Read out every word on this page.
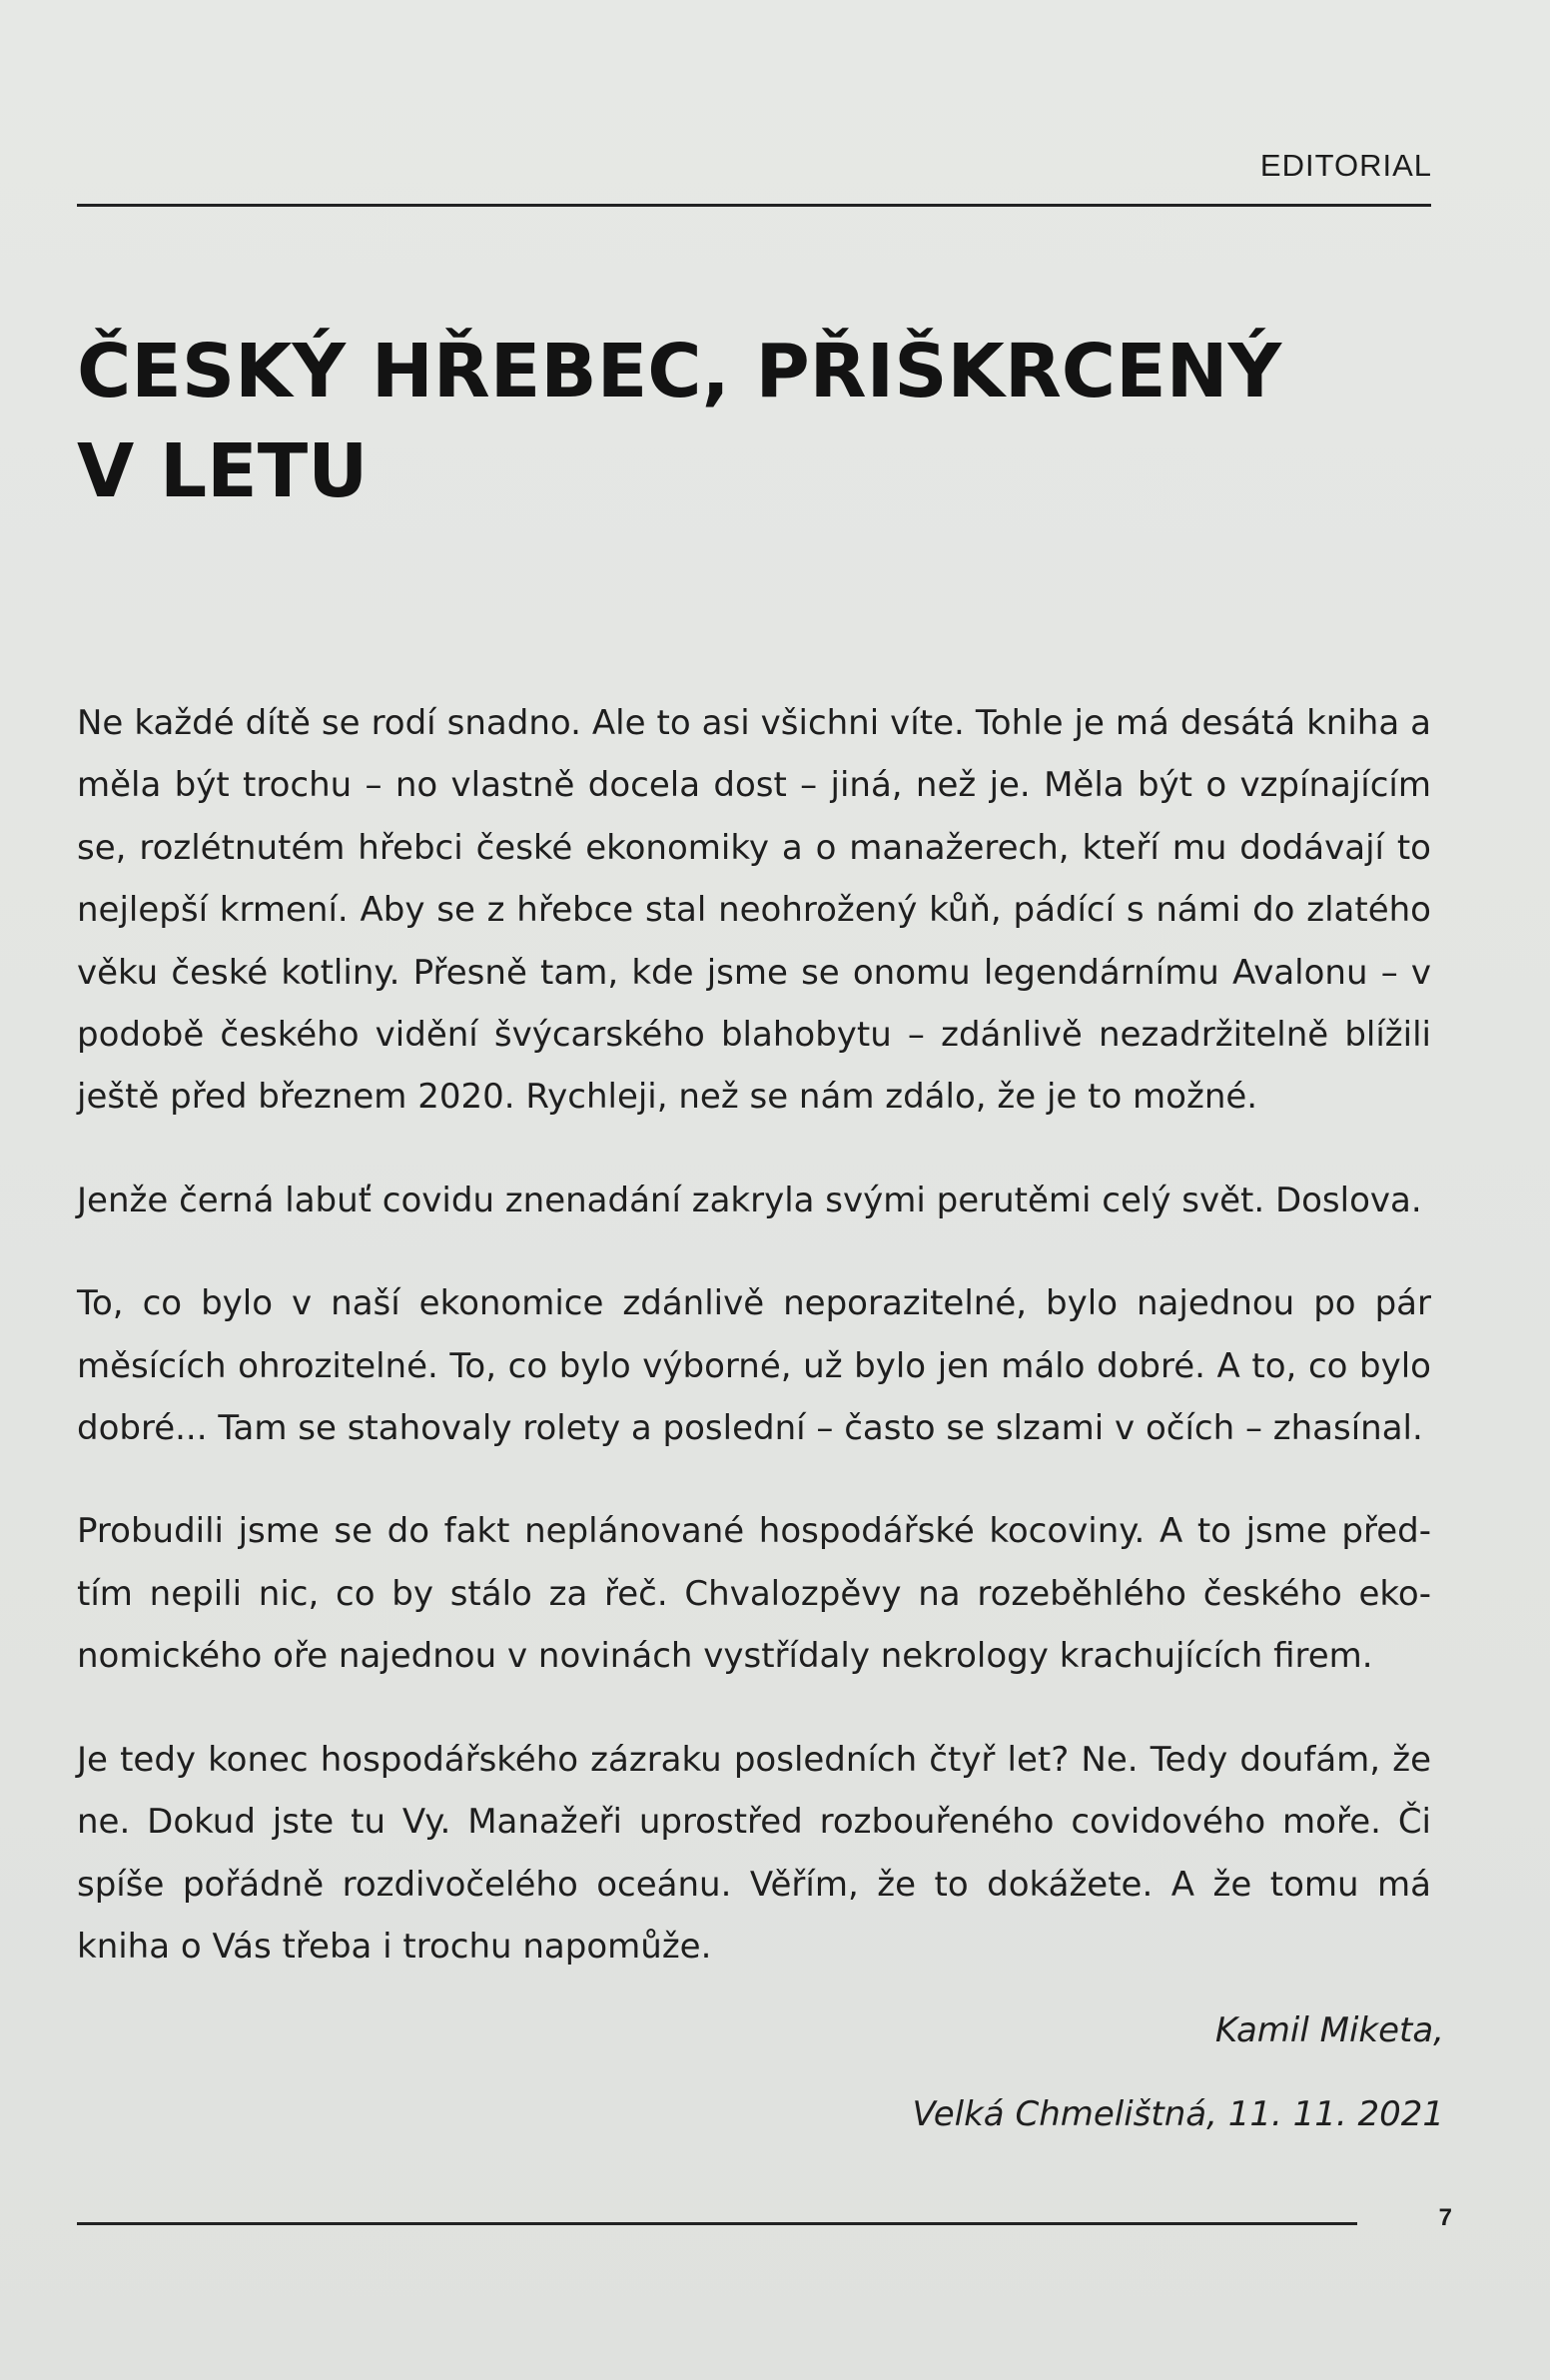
EDITORIAL
ČESKÝ HŘEBEC, PŘIŠKRCENÝ
V LETU

Ne každé dítě se rodí snadno. Ale to asi všichni víte. Tohle je má desátá kniha a měla být trochu – no vlastně docela dost – jiná, než je. Měla být o vzpínajícím se, rozlétnutém hřebci české ekonomiky a o manažerech, kteří mu dodávají to nejlepší krmení. Aby se z hřebce stal neohrožený kůň, pádící s námi do zlatého věku české kotliny. Přesně tam, kde jsme se onomu legendárnímu Avalonu – v podobě českého vidění švýcarského blahobytu – zdánlivě nezadržitelně blížili ještě před březnem 2020. Rychleji, než se nám zdálo, že je to možné.

Jenže černá labuť covidu znenadání zakryla svými perutěmi celý svět. Doslova.

To, co bylo v naší ekonomice zdánlivě neporazitelné, bylo najednou po pár měsících ohrozitelné. To, co bylo výborné, už bylo jen málo dobré. A to, co bylo dobré... Tam se stahovaly rolety a poslední – často se slzami v očích – zhasínal.

Probudili jsme se do fakt neplánované hospodářské kocoviny. A to jsme předtím nepili nic, co by stálo za řeč. Chvalozpěvy na rozeběhlého českého ekonomického oře najednou v novinách vystřídaly nekrology krachujících firem.

Je tedy konec hospodářského zázraku posledních čtyř let? Ne. Tedy doufám, že ne. Dokud jste tu Vy. Manažeři uprostřed rozbouřeného covidového moře. Či spíše pořádně rozdivočelého oceánu. Věřím, že to dokážete. A že tomu má kniha o Vás třeba i trochu napomůže.

Kamil Miketa,
Velká Chmelištná, 11. 11. 2021
7
